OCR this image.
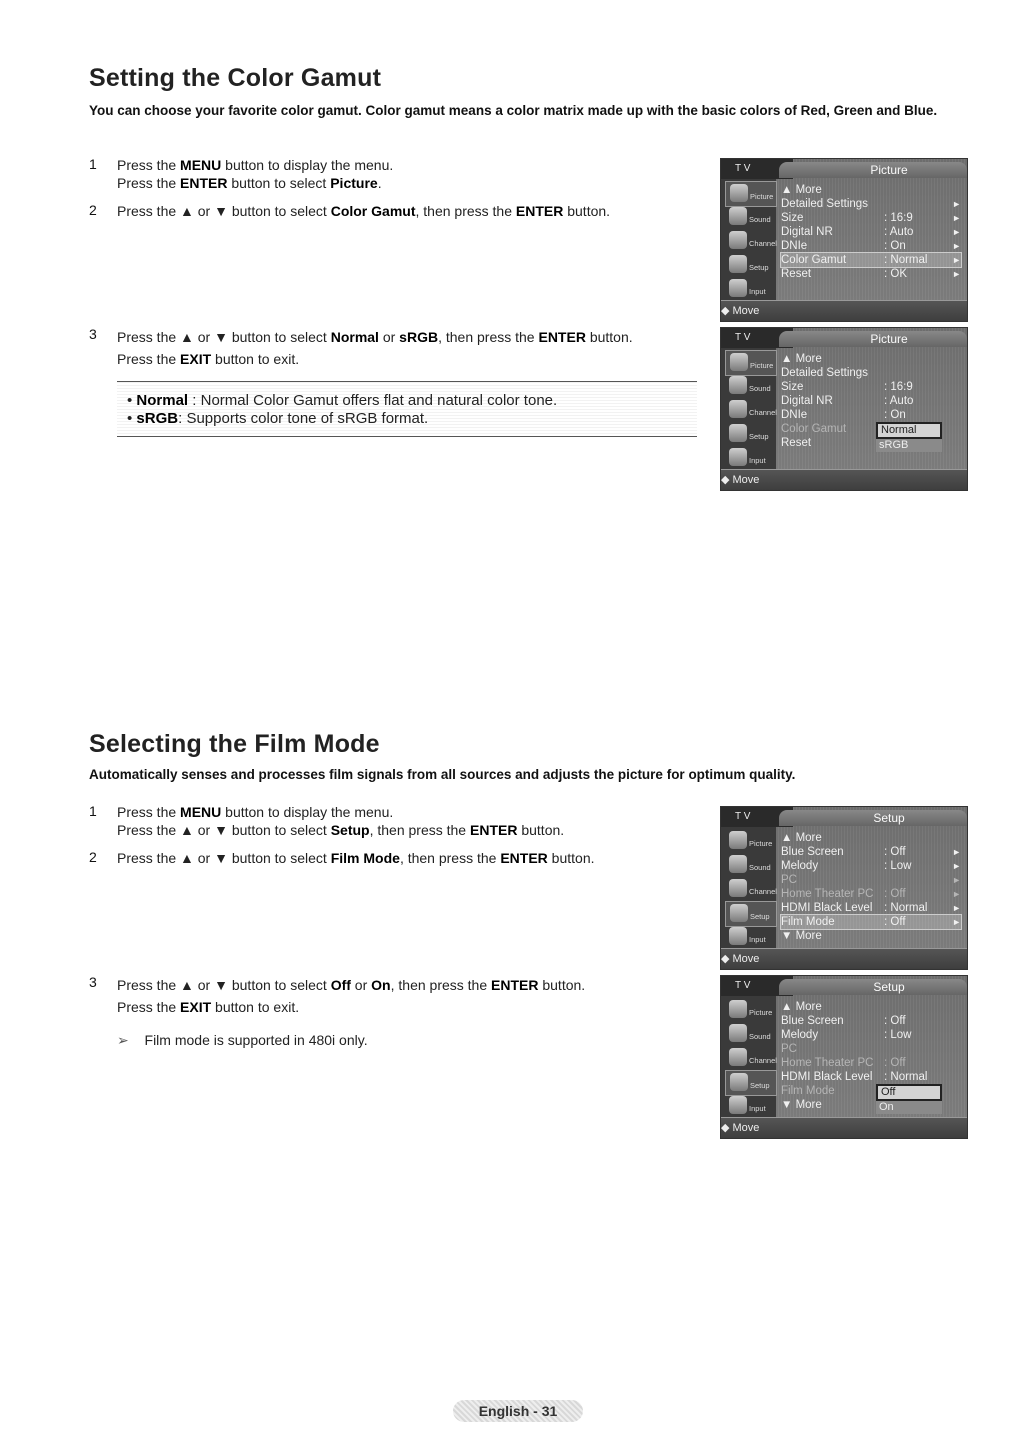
Setting the Color Gamut
You can choose your favorite color gamut. Color gamut means a color matrix made up with the basic colors of Red, Green and Blue.
1	Press the MENU button to display the menu.
Press the ENTER button to select Picture.
2	Press the ▲ or ▼ button to select Color Gamut, then press the ENTER button.
3	Press the ▲ or ▼ button to select Normal or sRGB, then press the ENTER button.
Press the EXIT button to exit.
• Normal : Normal Color Gamut offers flat and natural color tone.
• sRGB: Supports color tone of sRGB format.
Selecting the Film Mode
Automatically senses and processes film signals from all sources and adjusts the picture for optimum quality.
1	Press the MENU button to display the menu.
Press the ▲ or ▼ button to select Setup, then press the ENTER button.
2	Press the ▲ or ▼ button to select Film Mode, then press the ENTER button.
3	Press the ▲ or ▼ button to select Off or On, then press the ENTER button.
Press the EXIT button to exit.
➢ Film mode is supported in 480i only.
T V	Picture
Picture
Sound
Channel
Setup
Input
▲ More
Detailed Settings	►
Size	: 16:9	►
Digital NR	: Auto	►
DNIe	: On	►
Color Gamut	: Normal	►
Reset	: OK	►
◆ Move
T V	Picture
Picture
Sound
Channel
Setup
Input
▲ More
Detailed Settings
Size	: 16:9
Digital NR	: Auto
DNIe	: On
Color Gamut
Reset
Normal
sRGB
◆ Move
T V	Setup
Picture
Sound
Channel
Setup
Input
▲ More
Blue Screen	: Off	►
Melody	: Low	►
PC	►
Home Theater PC : Off	►
HDMI Black Level : Normal	►
Film Mode	: Off	►
▼ More
◆ Move
T V	Setup
Picture
Sound
Channel
Setup
Input
▲ More
Blue Screen	: Off
Melody	: Low
PC
Home Theater PC : Off
HDMI Black Level : Normal
Film Mode
▼ More
Off
On
◆ Move
English - 31
